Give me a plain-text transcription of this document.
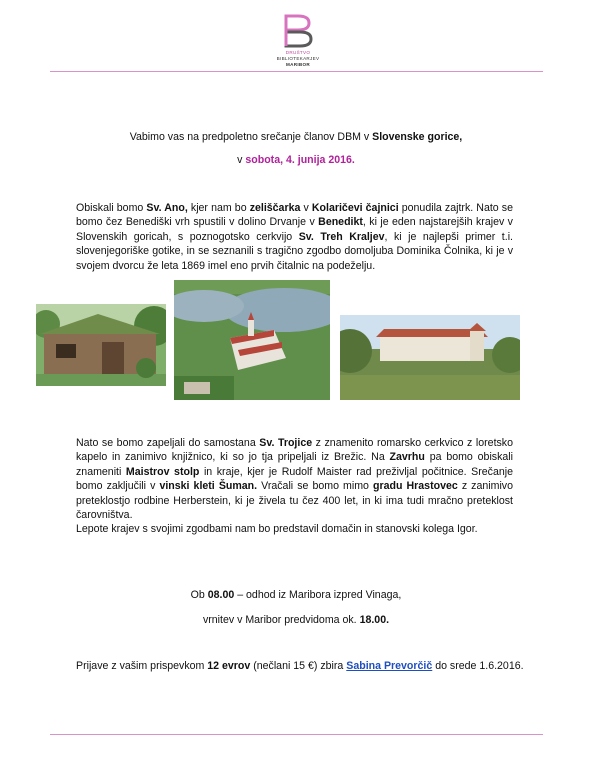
DRUŠTVO
BIBLIOTEKARJEV
MARIBOR
Vabimo vas na predpoletno srečanje članov DBM v Slovenske gorice,
v sobota, 4. junija 2016.
Obiskali bomo Sv. Ano, kjer nam bo zeliščarka v Kolaričevi čajnici ponudila zajtrk. Nato se bomo čez Benediški vrh spustili v dolino Drvanje v Benedikt, ki je eden najstarejših krajev v Slovenskih goricah, s poznogotsko cerkvijo Sv. Treh Kraljev, ki je najlepši primer t.i. slovenjegoriške gotike, in se seznanili s tragično zgodbo domoljuba Dominika Čolnika, ki je v svojem dvorcu že leta 1869 imel eno prvih čitalnic na podeželju.
Nato se bomo zapeljali do samostana Sv. Trojice z znamenito romarsko cerkvico z loretsko kapelo in zanimivo knjižnico, ki so jo tja pripeljali iz Brežic. Na Zavrhu pa bomo obiskali znameniti Maistrov stolp in kraje, kjer je Rudolf Maister rad preživljal počitnice. Srečanje bomo zaključili v vinski kleti Šuman. Vračali se bomo mimo gradu Hrastovec z zanimivo preteklostjo rodbine Herberstein, ki je živela tu čez 400 let, in ki ima tudi mračno preteklost čarovništva.
Lepote krajev s svojimi zgodbami nam bo predstavil domačin in stanovski kolega Igor.
Ob 08.00 – odhod iz Maribora izpred Vinaga,
vrnitev v Maribor predvidoma ok. 18.00.
Prijave z vašim prispevkom 12 evrov (nečlani 15 €) zbira Sabina Prevorčič do srede 1.6.2016.
